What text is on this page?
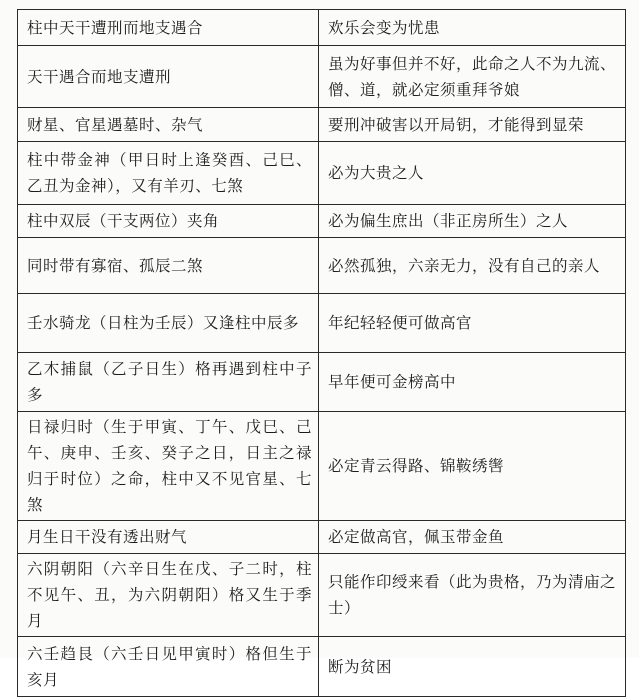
柱中天干遭刑而地支遇合	欢乐会变为忧患
天干遇合而地支遭刑	虽为好事但并不好，此命之人不为九流、僧、道，就必定须重拜爷娘
财星、官星遇墓时、杂气	要刑冲破害以开局钥，才能得到显荣
柱中带金神（甲日时上逢癸酉、己巳、乙丑为金神），又有羊刃、七煞	必为大贵之人
柱中双辰（干支两位）夹角	必为偏生庶出（非正房所生）之人
同时带有寡宿、孤辰二煞	必然孤独，六亲无力，没有自己的亲人
壬水骑龙（日柱为壬辰）又逢柱中辰多	年纪轻轻便可做高官
乙木捕鼠（乙子日生）格再遇到柱中子多	早年便可金榜高中
日禄归时（生于甲寅、丁午、戊巳、己午、庚申、壬亥、癸子之日，日主之禄归于时位）之命，柱中又不见官星、七煞	必定青云得路、锦鞍绣辔
月生日干没有透出财气	必定做高官，佩玉带金鱼
六阴朝阳（六辛日生在戊、子二时，柱不见午、丑，为六阴朝阳）格又生于季月	只能作印绶来看（此为贵格，乃为清庙之士）
六壬趋艮（六壬日见甲寅时）格但生于亥月	断为贫困
